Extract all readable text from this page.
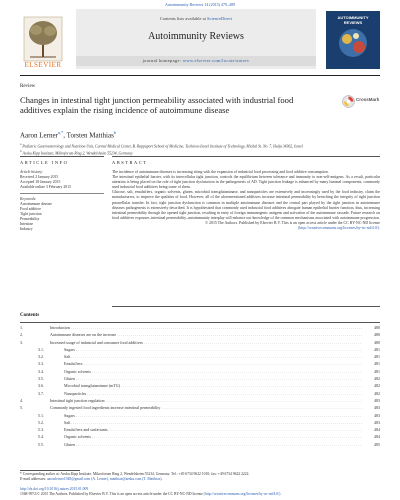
Autoimmunity Reviews 14 (2015) 479–489
ELSEVIER
Contents lists available at ScienceDirect
Autoimmunity Reviews
journal homepage: www.elsevier.com/locate/autrev
AUTOIMMUNITY REVIEWS
Review
Changes in intestinal tight junction permeability associated with industrial food additives explain the rising incidence of autoimmune disease
CrossMark
Aaron Lerner$^{a,*}$, Torsten Matthias$^b$
$^a$ Pediatric Gastroenterology and Nutrition Unit, Carmel Medical Center, B. Rappaport School of Medicine, Technion-Israel Institute of Technology, Michal St. No. 7, Haifa 34362, Israel
$^b$ Aesku.Kipp Institute, Mikroforum Ring 2, Wendelsheim 55234, Germany
ARTICLE INFO	ABSTRACT
Article history:
Received 2 January 2015
Accepted 18 January 2015
Available online 3 February 2015
Keywords:
Autoimmune disease
Food additive
Tight junction
Permeability
Intestine
Industry

The incidence of autoimmune diseases is increasing along with the expansion of industrial food processing and food additive consumption.

The intestinal epithelial barrier, with its intercellular tight junction, controls the equilibrium between tolerance and immunity to non-self-antigens. As a result, particular attention is being placed on the role of tight junction dysfunction in the pathogenesis of AD. Tight junction leakage is enhanced by many luminal components, commonly used industrial food additives being some of them.

Glucose, salt, emulsifiers, organic solvents, gluten, microbial transglutaminase, and nanoparticles are extensively and increasingly used by the food industry, claim the manufacturers, to improve the qualities of food. However, all of the aforementioned additives increase intestinal permeability by breaching the integrity of tight junction paracellular transfer. In fact, tight junction dysfunction is common in multiple autoimmune diseases and the central part played by the tight junction in autoimmune diseases pathogenesis is extensively described. It is hypothesized that commonly used industrial food additives abrogate human epithelial barrier function, thus, increasing intestinal permeability through the opened tight junction, resulting in entry of foreign immunogenic antigens and activation of the autoimmune cascade. Future research on food additives exposure–intestinal permeability–autoimmunity interplay will enhance our knowledge of the common mechanisms associated with autoimmune progression.

© 2015 The Authors. Published by Elsevier B.V. This is an open access article under the CC BY-NC-ND license
(http://creativecommons.org/licenses/by-nc-nd/4.0/).

Contents
1.	Introduction . . .	480
2.	Autoimmune diseases are on the increase . . .	480
3.	Increased usage of industrial and consumer food additives . . .	480
3.1.	Sugars . . .	481
3.2.	Salt . . .	481
3.3.	Emulsifiers . . .	481
3.4.	Organic solvents . . .	481
3.5.	Gluten . . .	482
3.6.	Microbial transglutaminase (mTG) . . .	482
3.7.	Nanoparticles . . .	482
4.	Intestinal tight junction regulation . . .	483
5.	Commonly ingested food ingredients increase intestinal permeability . . .	483
5.1.	Sugars . . .	483
5.2.	Salt . . .	483
5.3.	Emulsifiers and surfactants . . .	484
5.4.	Organic solvents . . .	484
5.5.	Gluten . . .	485
* Corresponding author at: Aesku.Kipp Institute, Mikroforum Ring 2, Wendelsheim 55234, Germany. Tel.: +49 6734 9622 1010; fax: +49 6734 9622 2222.
E-mail addresses: aaronlerner1948@gmail.com (A. Lerner), matthias@aesku.com (T. Matthias).
http://dx.doi.org/10.1016/j.autrev.2015.01.009
1568-9972/© 2015 The Authors. Published by Elsevier B.V. This is an open access article under the CC BY-NC-ND license (http://creativecommons.org/licenses/by-nc-nd/4.0/).
